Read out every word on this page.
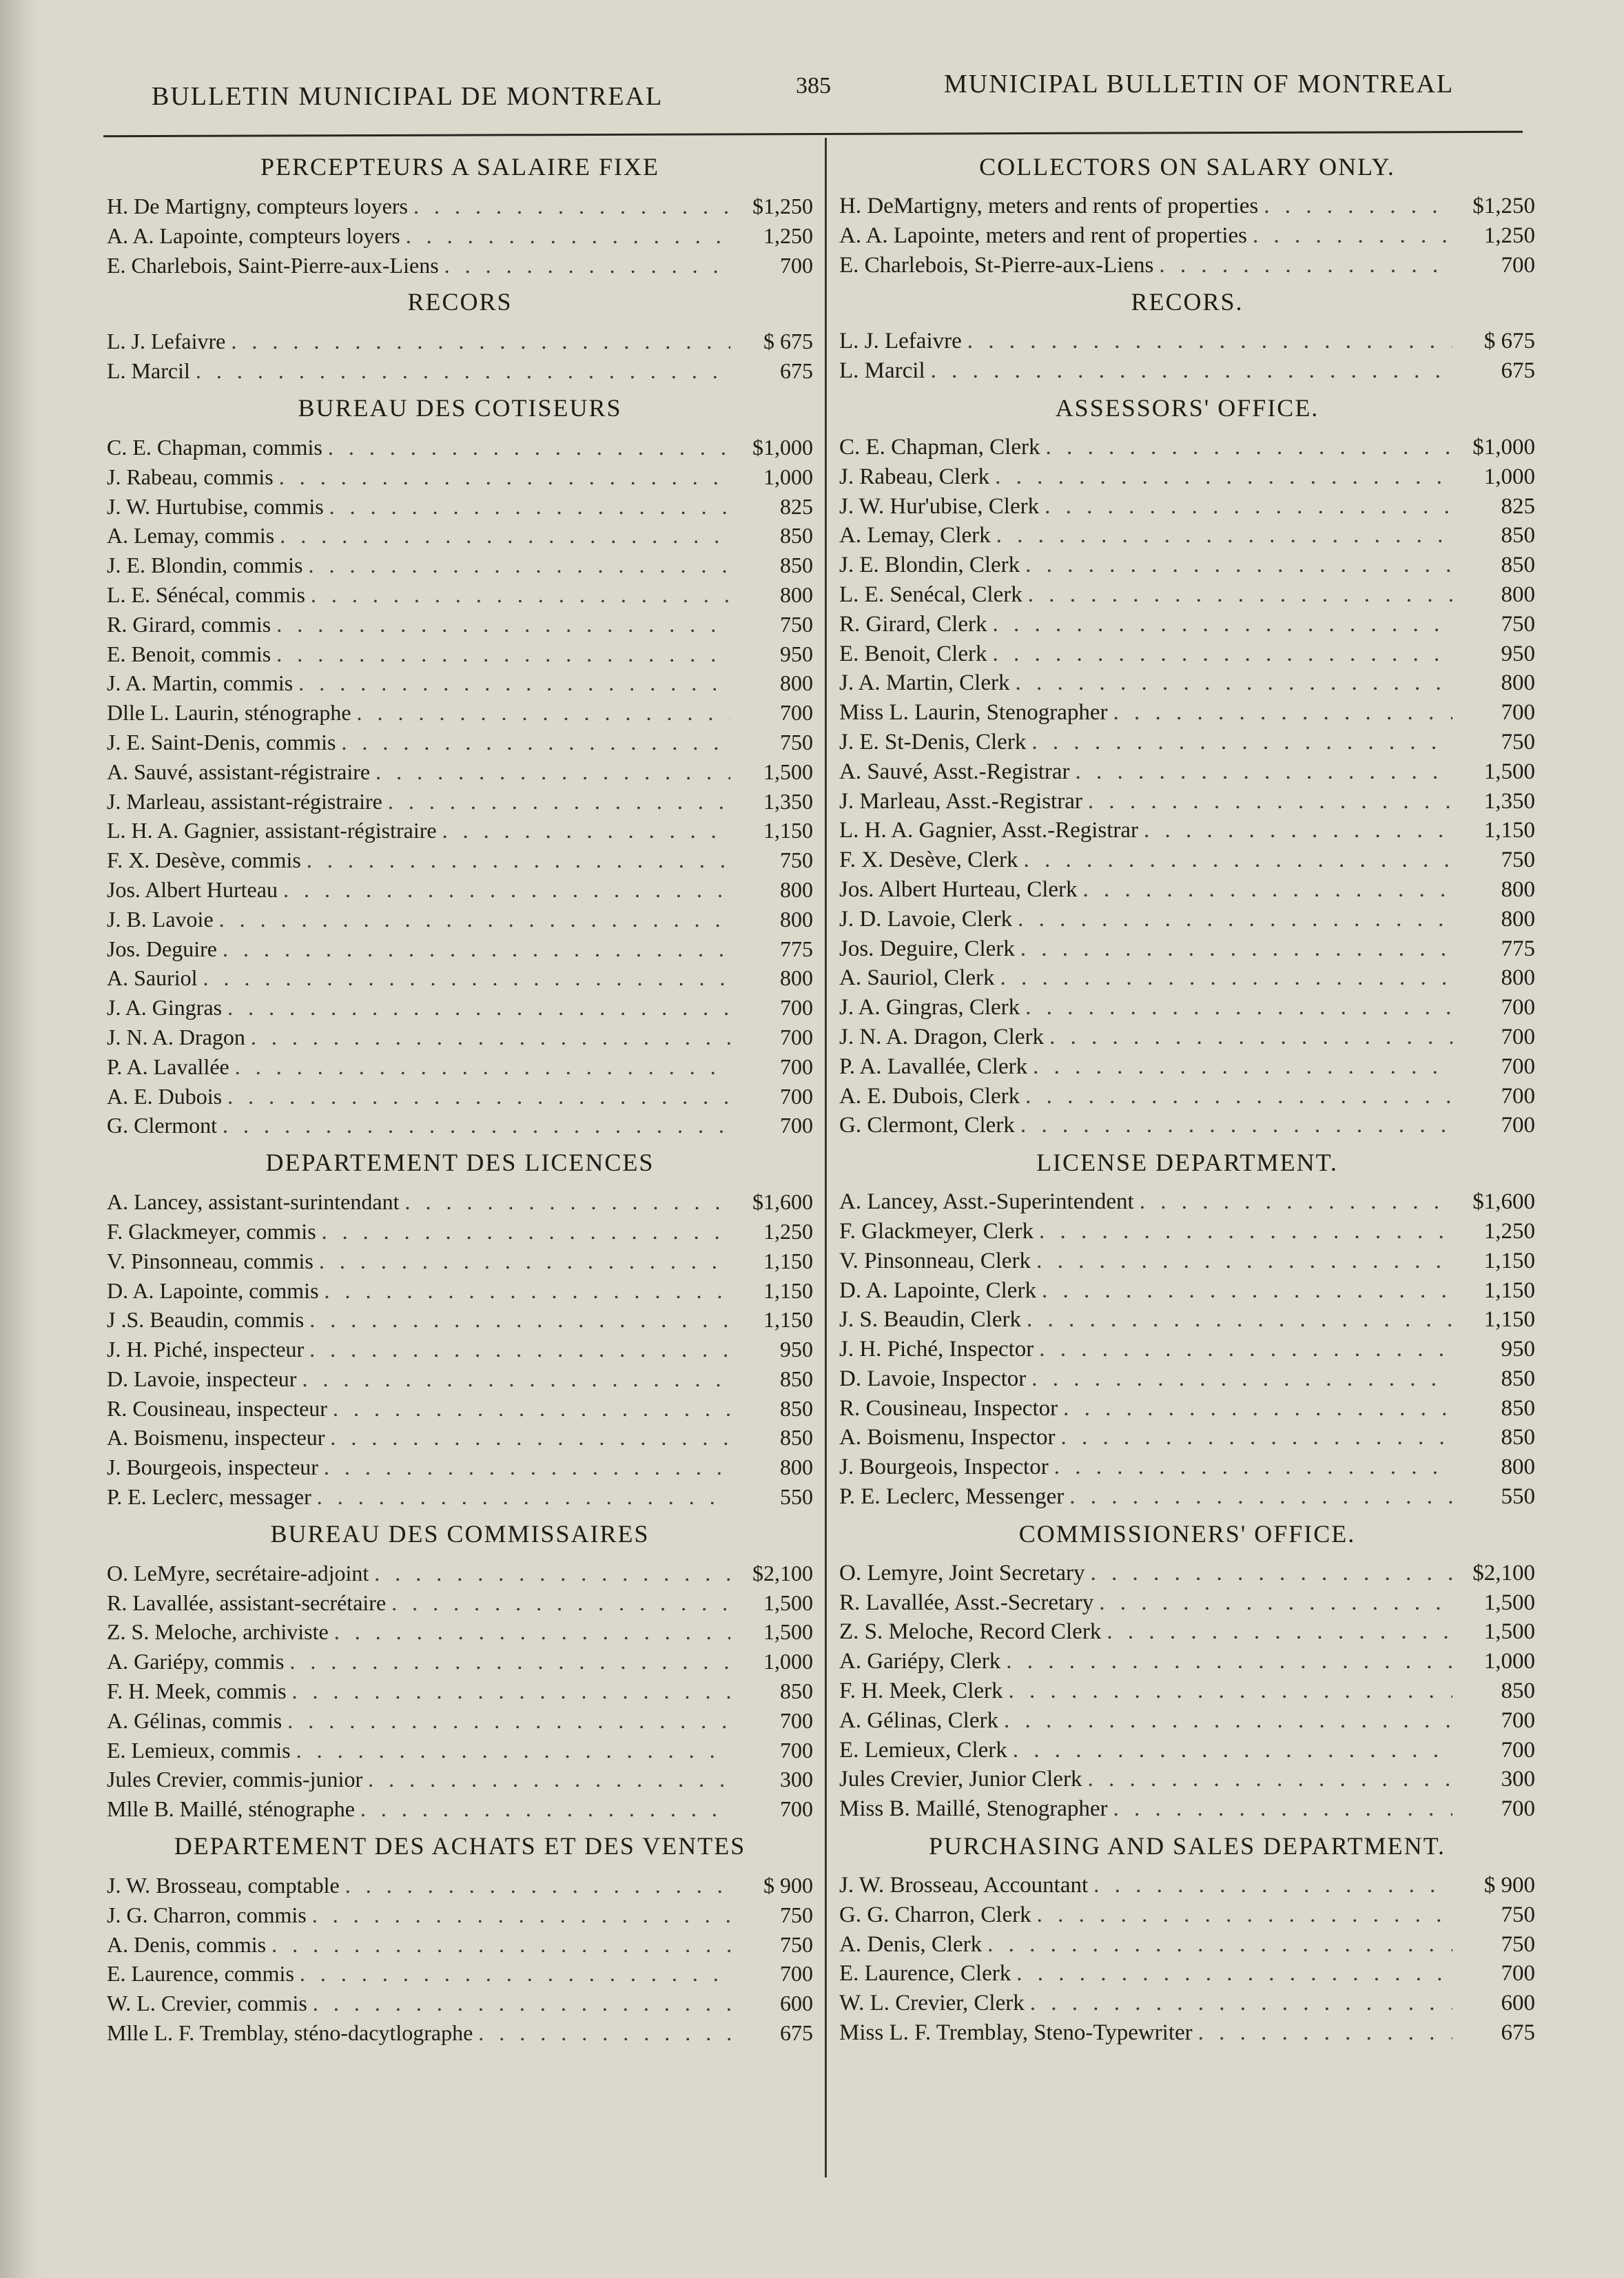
BULLETIN MUNICIPAL DE MONTREAL	385	MUNICIPAL BULLETIN OF MONTREAL
PERCEPTEURS A SALAIRE FIXE
H. De Martigny, compteurs loyers . . .	$1,250
A. A. Lapointe, compteurs loyers . . .	1,250
E. Charlebois, Saint-Pierre-aux-Liens . . .	700
RECORS
L. J. Lefaivre . . .	$ 675
L. Marcil . . .	675
BUREAU DES COTISEURS
C. E. Chapman, commis . . .	$1,000
J. Rabeau, commis . . .	1,000
J. W. Hurtubise, commis . . .	825
A. Lemay, commis . . .	850
J. E. Blondin, commis . . .	850
L. E. Sénécal, commis . . .	800
R. Girard, commis . . .	750
E. Benoit, commis . . .	950
J. A. Martin, commis . . .	800
Dlle L. Laurin, sténographe . . .	700
J. E. Saint-Denis, commis . . .	750
A. Sauvé, assistant-régistraire . . .	1,500
J. Marleau, assistant-régistraire . . .	1,350
L. H. A. Gagnier, assistant-régistraire . . .	1,150
F. X. Desève, commis . . .	750
Jos. Albert Hurteau . . .	800
J. B. Lavoie . . .	800
Jos. Deguire . . .	775
A. Sauriol . . .	800
J. A. Gingras . . .	700
J. N. A. Dragon . . .	700
P. A. Lavallée . . .	700
A. E. Dubois . . .	700
G. Clermont . . .	700
DEPARTEMENT DES LICENCES
A. Lancey, assistant-surintendant . . .	$1,600
F. Glackmeyer, commis . . .	1,250
V. Pinsonneau, commis . . .	1,150
D. A. Lapointe, commis . . .	1,150
J .S. Beaudin, commis . . .	1,150
J. H. Piché, inspecteur . . .	950
D. Lavoie, inspecteur . . .	850
R. Cousineau, inspecteur . . .	850
A. Boismenu, inspecteur . . .	850
J. Bourgeois, inspecteur . . .	800
P. E. Leclerc, messager . . .	550
BUREAU DES COMMISSAIRES
O. LeMyre, secrétaire-adjoint . . .	$2,100
R. Lavallée, assistant-secrétaire . . .	1,500
Z. S. Meloche, archiviste . . .	1,500
A. Gariépy, commis . . .	1,000
F. H. Meek, commis . . .	850
A. Gélinas, commis . . .	700
E. Lemieux, commis . . .	700
Jules Crevier, commis-junior . . .	300
Mlle B. Maillé, sténographe . . .	700
DEPARTEMENT DES ACHATS ET DES VENTES
J. W. Brosseau, comptable . . .	$ 900
J. G. Charron, commis . . .	750
A. Denis, commis . . .	750
E. Laurence, commis . . .	700
W. L. Crevier, commis . . .	600
Mlle L. F. Tremblay, sténo-dacytlographe . . .	675
COLLECTORS ON SALARY ONLY.
H. DeMartigny, meters and rents of properties . . .	$1,250
A. A. Lapointe, meters and rent of properties . . .	1,250
E. Charlebois, St-Pierre-aux-Liens . . .	700
RECORS.
L. J. Lefaivre . . .	$ 675
L. Marcil . . .	675
ASSESSORS' OFFICE.
C. E. Chapman, Clerk . . .	$1,000
J. Rabeau, Clerk . . .	1,000
J. W. Hur'ubise, Clerk . . .	825
A. Lemay, Clerk . . .	850
J. E. Blondin, Clerk . . .	850
L. E. Senécal, Clerk . . .	800
R. Girard, Clerk . . .	750
E. Benoit, Clerk . . .	950
J. A. Martin, Clerk . . .	800
Miss L. Laurin, Stenographer . . .	700
J. E. St-Denis, Clerk . . .	750
A. Sauvé, Asst.-Registrar . . .	1,500
J. Marleau, Asst.-Registrar . . .	1,350
L. H. A. Gagnier, Asst.-Registrar . . .	1,150
F. X. Desève, Clerk . . .	750
Jos. Albert Hurteau, Clerk . . .	800
J. D. Lavoie, Clerk . . .	800
Jos. Deguire, Clerk . . .	775
A. Sauriol, Clerk . . .	800
J. A. Gingras, Clerk . . .	700
J. N. A. Dragon, Clerk . . .	700
P. A. Lavallée, Clerk . . .	700
A. E. Dubois, Clerk . . .	700
G. Clermont, Clerk . . .	700
LICENSE DEPARTMENT.
A. Lancey, Asst.-Superintendent . . .	$1,600
F. Glackmeyer, Clerk . . .	1,250
V. Pinsonneau, Clerk . . .	1,150
D. A. Lapointe, Clerk . . .	1,150
J. S. Beaudin, Clerk . . .	1,150
J. H. Piché, Inspector . . .	950
D. Lavoie, Inspector . . .	850
R. Cousineau, Inspector . . .	850
A. Boismenu, Inspector . . .	850
J. Bourgeois, Inspector . . .	800
P. E. Leclerc, Messenger . . .	550
COMMISSIONERS' OFFICE.
O. Lemyre, Joint Secretary . . .	$2,100
R. Lavallée, Asst.-Secretary . . .	1,500
Z. S. Meloche, Record Clerk . . .	1,500
A. Gariépy, Clerk . . .	1,000
F. H. Meek, Clerk . . .	850
A. Gélinas, Clerk . . .	700
E. Lemieux, Clerk . . .	700
Jules Crevier, Junior Clerk . . .	300
Miss B. Maillé, Stenographer . . .	700
PURCHASING AND SALES DEPARTMENT.
J. W. Brosseau, Accountant . . .	$ 900
G. G. Charron, Clerk . . .	750
A. Denis, Clerk . . .	750
E. Laurence, Clerk . . .	700
W. L. Crevier, Clerk . . .	600
Miss L. F. Tremblay, Steno-Typewriter . . .	675
